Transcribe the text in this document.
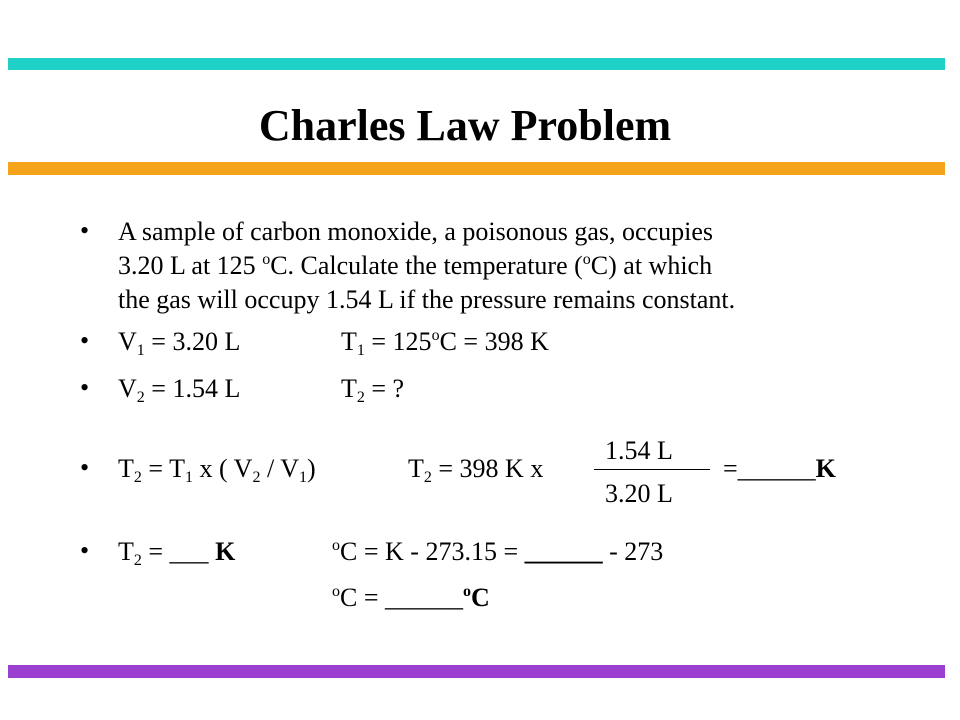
Charles Law Problem
• A sample of carbon monoxide, a poisonous gas, occupies
3.20 L at 125 $^o$C. Calculate the temperature ($^o$C) at which
the gas will occupy 1.54 L if the pressure remains constant.
• $V_1 = 3.20$ L	$T_1 = 125^oC = 398$ K
• $V_2 = 1.54$ L	$T_2$ = ?
• $T_2 = T_1$ x ( $V_2 / V_1$)	$T_2 = 398$ K x
1.54 L
3.20 L
=______K
• $T_2$ = ___ K	$^o$C = K - 273.15 = ______ - 273
$^o$C = ______$^o$C
